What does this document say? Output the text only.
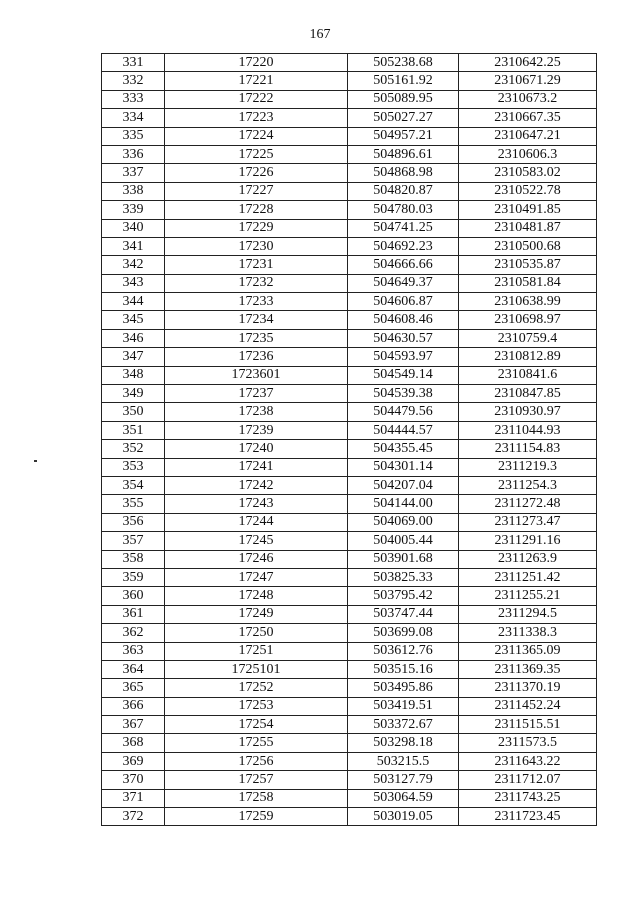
167
331	17220	505238.68	2310642.25
332	17221	505161.92	2310671.29
333	17222	505089.95	2310673.2
334	17223	505027.27	2310667.35
335	17224	504957.21	2310647.21
336	17225	504896.61	2310606.3
337	17226	504868.98	2310583.02
338	17227	504820.87	2310522.78
339	17228	504780.03	2310491.85
340	17229	504741.25	2310481.87
341	17230	504692.23	2310500.68
342	17231	504666.66	2310535.87
343	17232	504649.37	2310581.84
344	17233	504606.87	2310638.99
345	17234	504608.46	2310698.97
346	17235	504630.57	2310759.4
347	17236	504593.97	2310812.89
348	1723601	504549.14	2310841.6
349	17237	504539.38	2310847.85
350	17238	504479.56	2310930.97
351	17239	504444.57	2311044.93
352	17240	504355.45	2311154.83
353	17241	504301.14	2311219.3
354	17242	504207.04	2311254.3
355	17243	504144.00	2311272.48
356	17244	504069.00	2311273.47
357	17245	504005.44	2311291.16
358	17246	503901.68	2311263.9
359	17247	503825.33	2311251.42
360	17248	503795.42	2311255.21
361	17249	503747.44	2311294.5
362	17250	503699.08	2311338.3
363	17251	503612.76	2311365.09
364	1725101	503515.16	2311369.35
365	17252	503495.86	2311370.19
366	17253	503419.51	2311452.24
367	17254	503372.67	2311515.51
368	17255	503298.18	2311573.5
369	17256	503215.5	2311643.22
370	17257	503127.79	2311712.07
371	17258	503064.59	2311743.25
372	17259	503019.05	2311723.45
